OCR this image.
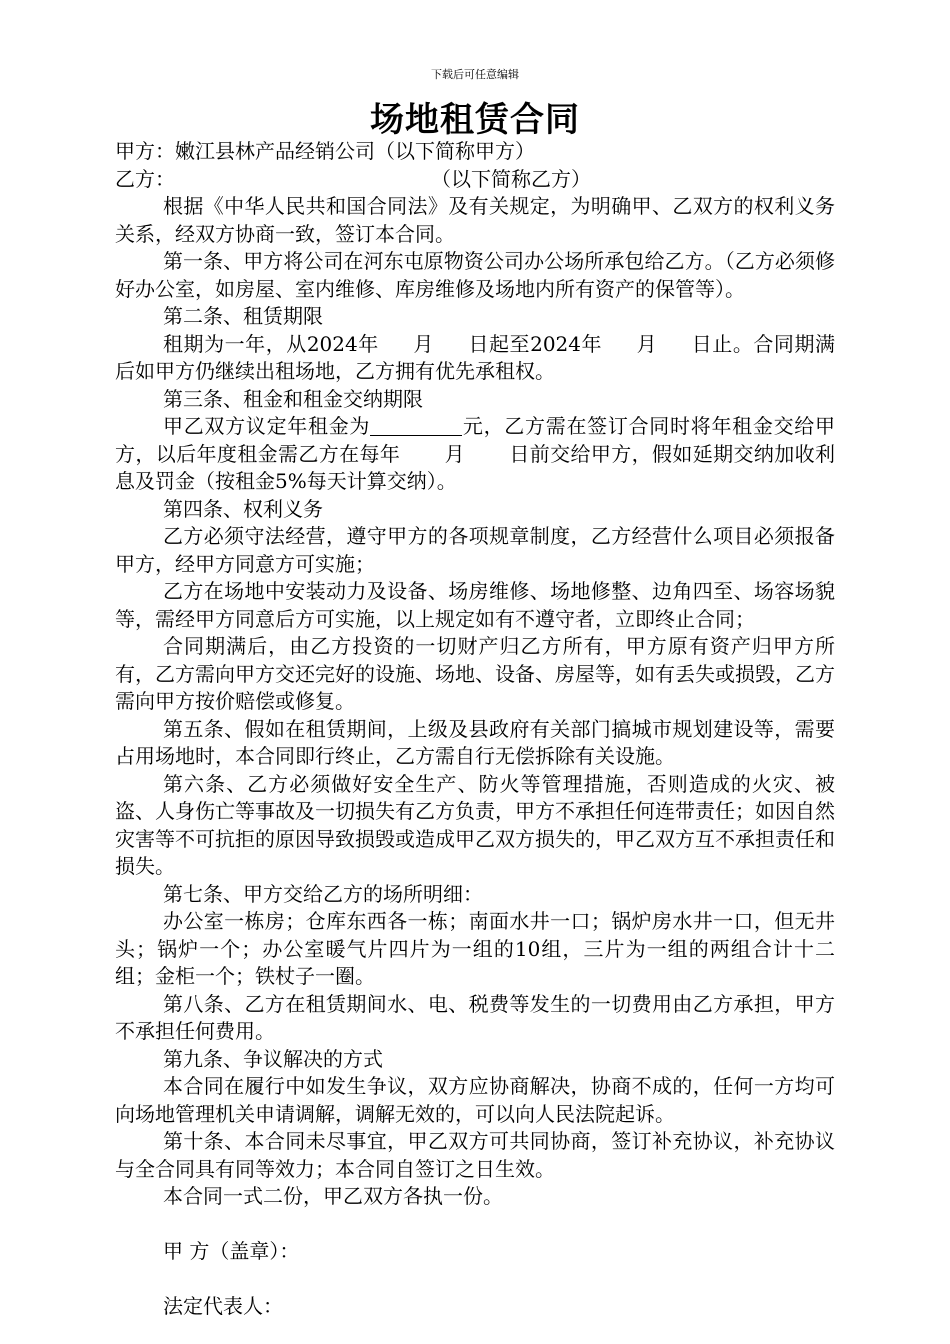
下载后可任意编辑
场地租赁合同

甲方：嫩江县林产品经销公司（以下简称甲方）

乙方：	（以下简称乙方）

根据《中华人民共和国合同法》及有关规定，为明确甲、乙双方的权利义务关系，经双方协商一致，签订本合同。

第一条、甲方将公司在河东屯原物资公司办公场所承包给乙方。（乙方必须修好办公室，如房屋、室内维修、库房维修及场地内所有资产的保管等）。

第二条、租赁期限

租期为一年，从2024年 月 日起至2024年 月 日止。合同期满后如甲方仍继续出租场地，乙方拥有优先承租权。

第三条、租金和租金交纳期限

甲乙双方议定年租金为	元，乙方需在签订合同时将年租金交给甲方，以后年度租金需乙方在每年 月 日前交给甲方，假如延期交纳加收利息及罚金（按租金5%每天计算交纳）。

第四条、权利义务

乙方必须守法经营，遵守甲方的各项规章制度，乙方经营什么项目必须报备甲方，经甲方同意方可实施；

乙方在场地中安装动力及设备、场房维修、场地修整、边角四至、场容场貌等，需经甲方同意后方可实施，以上规定如有不遵守者，立即终止合同；

合同期满后，由乙方投资的一切财产归乙方所有，甲方原有资产归甲方所有，乙方需向甲方交还完好的设施、场地、设备、房屋等，如有丢失或损毁，乙方需向甲方按价赔偿或修复。

第五条、假如在租赁期间，上级及县政府有关部门搞城市规划建设等，需要占用场地时，本合同即行终止，乙方需自行无偿拆除有关设施。

第六条、乙方必须做好安全生产、防火等管理措施，否则造成的火灾、被盗、人身伤亡等事故及一切损失有乙方负责，甲方不承担任何连带责任；如因自然灾害等不可抗拒的原因导致损毁或造成甲乙双方损失的，甲乙双方互不承担责任和损失。

第七条、甲方交给乙方的场所明细：

办公室一栋房；仓库东西各一栋；南面水井一口；锅炉房水井一口，但无井头；锅炉一个；办公室暖气片四片为一组的10组，三片为一组的两组合计十二组；金柜一个；铁杖子一圈。

第八条、乙方在租赁期间水、电、税费等发生的一切费用由乙方承担，甲方不承担任何费用。

第九条、争议解决的方式

本合同在履行中如发生争议，双方应协商解决，协商不成的，任何一方均可向场地管理机关申请调解，调解无效的，可以向人民法院起诉。

第十条、本合同未尽事宜，甲乙双方可共同协商，签订补充协议，补充协议与全合同具有同等效力；本合同自签订之日生效。

本合同一式二份，甲乙双方各执一份。

甲 方（盖章）：

法定代表人：
